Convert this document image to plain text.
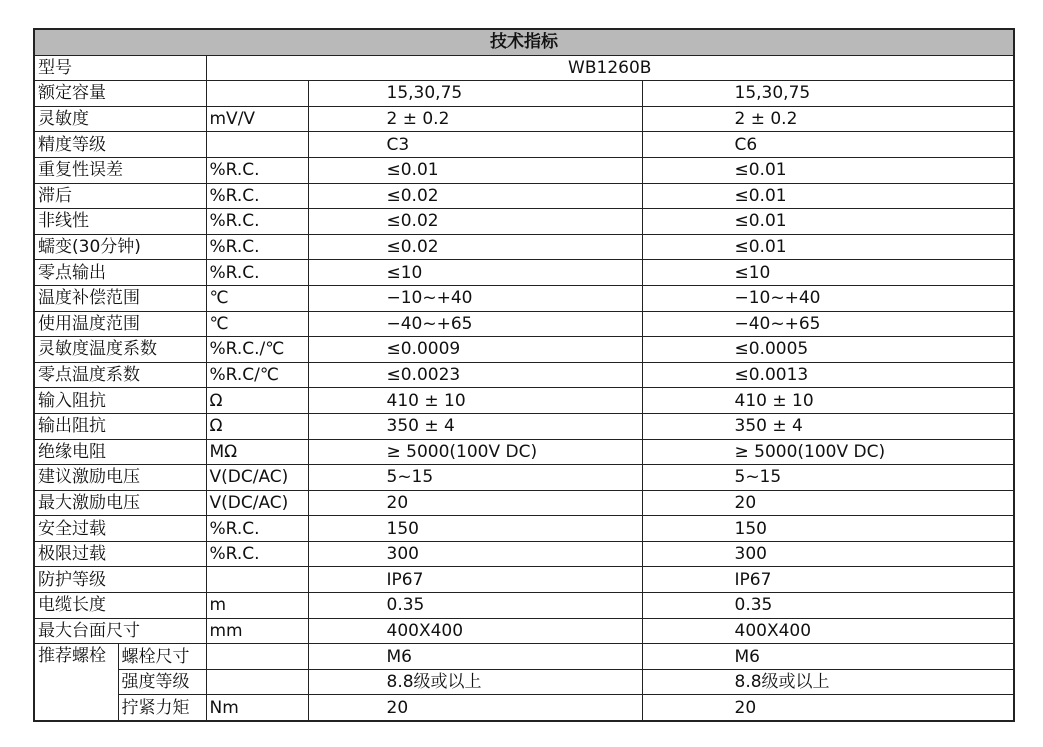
技术指标				
型号		WB1260B		
额定容量			15,30,75	15,30,75
灵敏度		mV/V	2 ± 0.2	2 ± 0.2
精度等级			C3	C6
重复性误差		%R.C.	≤0.01	≤0.01
滞后		%R.C.	≤0.02	≤0.01
非线性		%R.C.	≤0.02	≤0.01
蠕变(30分钟)		%R.C.	≤0.02	≤0.01
零点输出		%R.C.	≤10	≤10
温度补偿范围		℃	−10~+40	−10~+40
使用温度范围		℃	−40~+65	−40~+65
灵敏度温度系数		%R.C./℃	≤0.0009	≤0.0005
零点温度系数		%R.C/℃	≤0.0023	≤0.0013
输入阻抗		Ω	410 ± 10	410 ± 10
输出阻抗		Ω	350 ± 4	350 ± 4
绝缘电阻		MΩ	≥ 5000(100V DC)	≥ 5000(100V DC)
建议激励电压		V(DC/AC)	5~15	5~15
最大激励电压		V(DC/AC)	20	20
安全过载		%R.C.	150	150
极限过载		%R.C.	300	300
防护等级			IP67	IP67
电缆长度		m	0.35	0.35
最大台面尺寸		mm	400X400	400X400
推荐螺栓	螺栓尺寸		M6	M6
	强度等级		8.8级或以上	8.8级或以上
	拧紧力矩	Nm	20	20
